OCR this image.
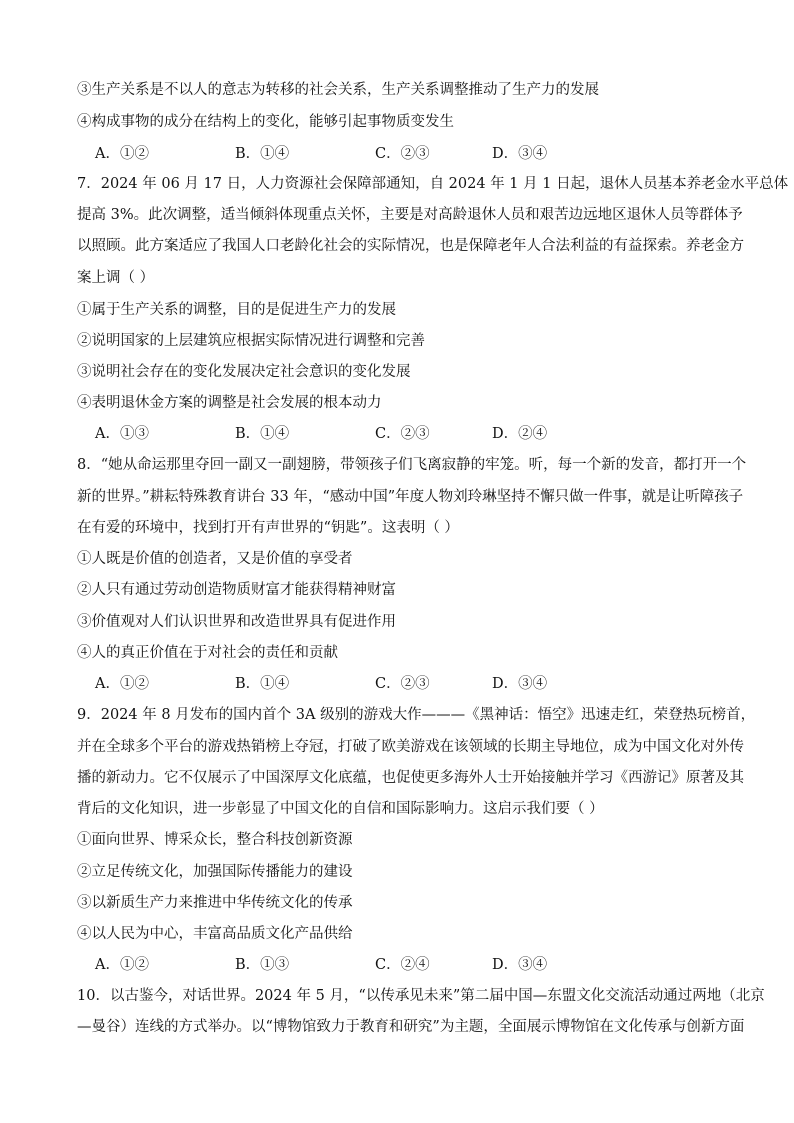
③生产关系是不以人的意志为转移的社会关系，生产关系调整推动了生产力的发展
④构成事物的成分在结构上的变化，能够引起事物质变发生
A．①②	B．①④	C．②③	D．③④
7．2024 年 06 月 17 日，人力资源社会保障部通知，自 2024 年 1 月 1 日起，退休人员基本养老金水平总体
提高 3%。此次调整，适当倾斜体现重点关怀，主要是对高龄退休人员和艰苦边远地区退休人员等群体予
以照顾。此方案适应了我国人口老龄化社会的实际情况，也是保障老年人合法利益的有益探索。养老金方
案上调（ ）
①属于生产关系的调整，目的是促进生产力的发展
②说明国家的上层建筑应根据实际情况进行调整和完善
③说明社会存在的变化发展决定社会意识的变化发展
④表明退休金方案的调整是社会发展的根本动力
A．①③	B．①④	C．②③	D．②④
8．“她从命运那里夺回一副又一副翅膀，带领孩子们飞离寂静的牢笼。听，每一个新的发音，都打开一个
新的世界。”耕耘特殊教育讲台 33 年，“感动中国”年度人物刘玲琳坚持不懈只做一件事，就是让听障孩子
在有爱的环境中，找到打开有声世界的“钥匙”。这表明（ ）
①人既是价值的创造者，又是价值的享受者
②人只有通过劳动创造物质财富才能获得精神财富
③价值观对人们认识世界和改造世界具有促进作用
④人的真正价值在于对社会的责任和贡献
A．①②	B．①④	C．②③	D．③④
9．2024 年 8 月发布的国内首个 3A 级别的游戏大作———《黑神话：悟空》迅速走红，荣登热玩榜首，
并在全球多个平台的游戏热销榜上夺冠，打破了欧美游戏在该领域的长期主导地位，成为中国文化对外传
播的新动力。它不仅展示了中国深厚文化底蕴，也促使更多海外人士开始接触并学习《西游记》原著及其
背后的文化知识，进一步彰显了中国文化的自信和国际影响力。这启示我们要（ ）
①面向世界、博采众长，整合科技创新资源
②立足传统文化，加强国际传播能力的建设
③以新质生产力来推进中华传统文化的传承
④以人民为中心，丰富高品质文化产品供给
A．①②	B．①③	C．②④	D．③④
10．以古鉴今，对话世界。2024 年 5 月，“以传承见未来”第二届中国—东盟文化交流活动通过两地（北京
—曼谷）连线的方式举办。以“博物馆致力于教育和研究”为主题，全面展示博物馆在文化传承与创新方面
